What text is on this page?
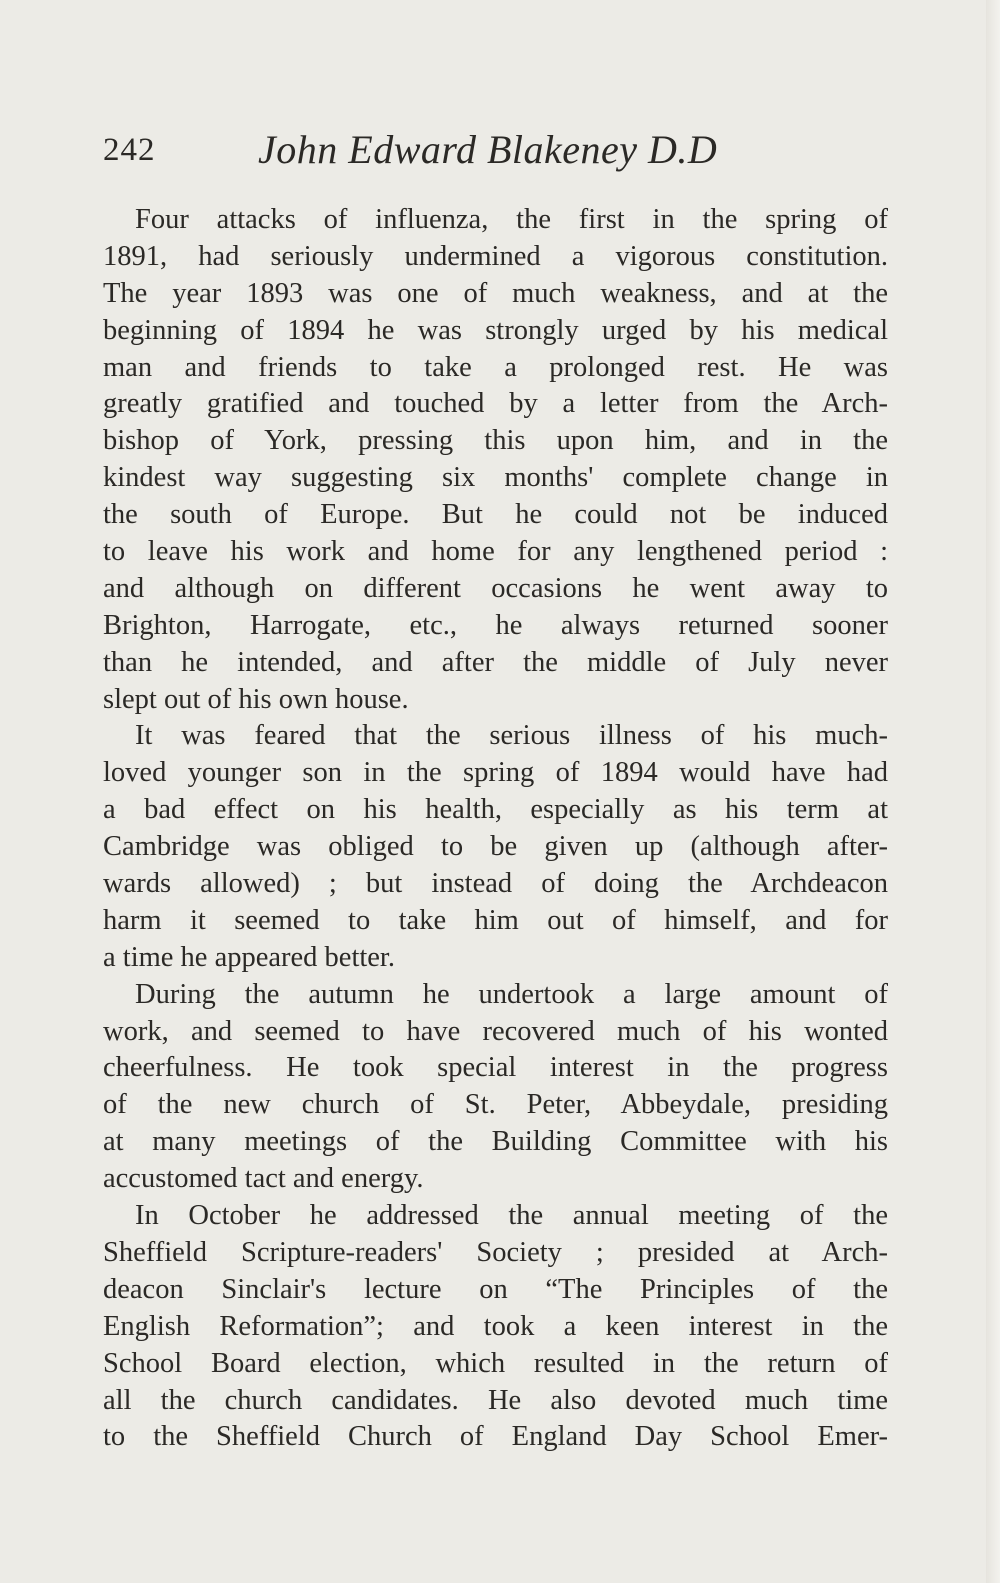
242	John Edward Blakeney D.D
Four attacks of influenza, the first in the spring of
1891, had seriously undermined a vigorous constitution.
The year 1893 was one of much weakness, and at the
beginning of 1894 he was strongly urged by his medical
man and friends to take a prolonged rest. He was
greatly gratified and touched by a letter from the Arch-
bishop of York, pressing this upon him, and in the
kindest way suggesting six months' complete change in
the south of Europe. But he could not be induced
to leave his work and home for any lengthened period :
and although on different occasions he went away to
Brighton, Harrogate, etc., he always returned sooner
than he intended, and after the middle of July never
slept out of his own house.
It was feared that the serious illness of his much-
loved younger son in the spring of 1894 would have had
a bad effect on his health, especially as his term at
Cambridge was obliged to be given up (although after-
wards allowed) ; but instead of doing the Archdeacon
harm it seemed to take him out of himself, and for
a time he appeared better.
During the autumn he undertook a large amount of
work, and seemed to have recovered much of his wonted
cheerfulness. He took special interest in the progress
of the new church of St. Peter, Abbeydale, presiding
at many meetings of the Building Committee with his
accustomed tact and energy.
In October he addressed the annual meeting of the
Sheffield Scripture-readers' Society ; presided at Arch-
deacon Sinclair's lecture on “The Principles of the
English Reformation”; and took a keen interest in the
School Board election, which resulted in the return of
all the church candidates. He also devoted much time
to the Sheffield Church of England Day School Emer-
